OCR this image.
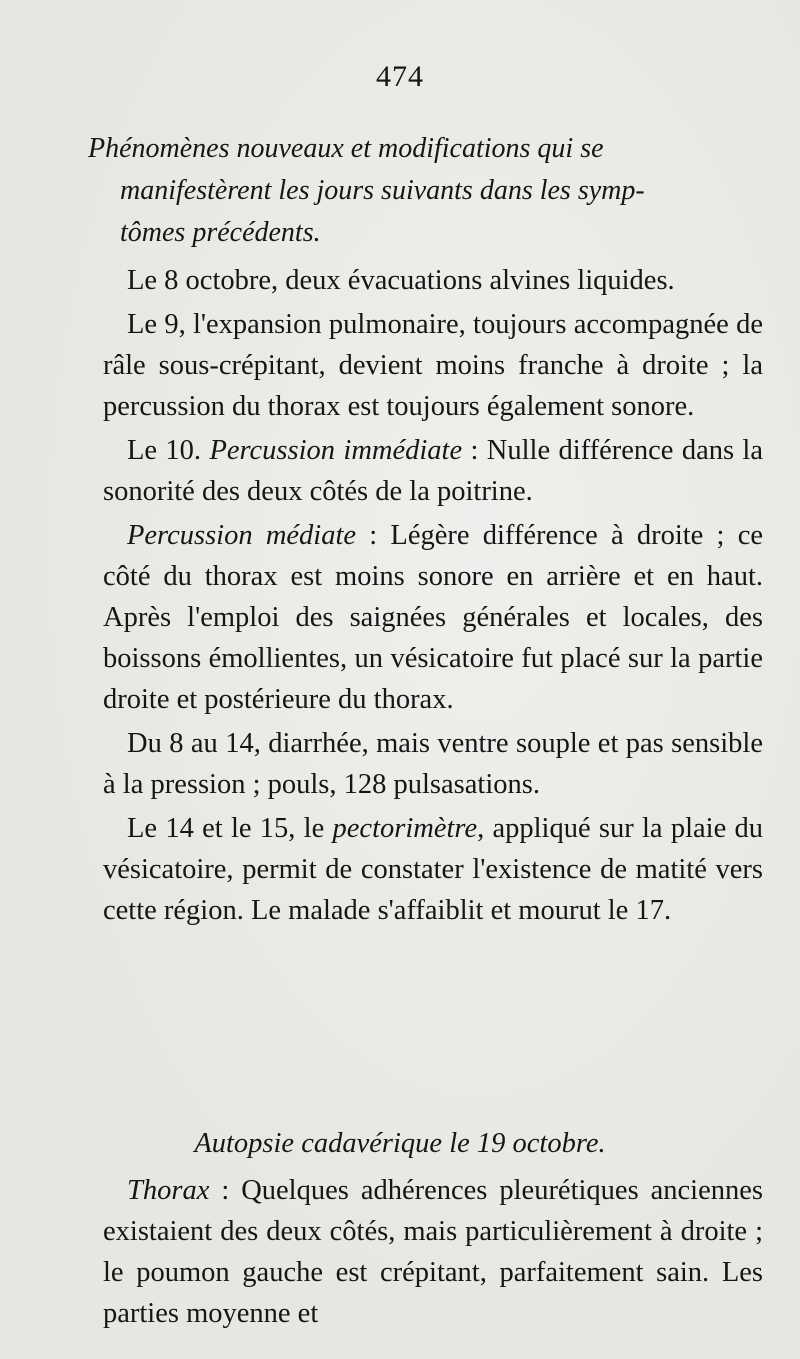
474
Phénomènes nouveaux et modifications qui se
manifestèrent les jours suivants dans les symp-
tômes précédents.

Le 8 octobre, deux évacuations alvines liquides.

Le 9, l'expansion pulmonaire, toujours accompagnée de râle sous-crépitant, devient moins franche à droite ; la percussion du thorax est toujours également sonore.

Le 10. Percussion immédiate : Nulle différence dans la sonorité des deux côtés de la poitrine.

Percussion médiate : Légère différence à droite ; ce côté du thorax est moins sonore en arrière et en haut. Après l'emploi des saignées générales et locales, des boissons émollientes, un vésicatoire fut placé sur la partie droite et postérieure du thorax.

Du 8 au 14, diarrhée, mais ventre souple et pas sensible à la pression ; pouls, 128 pulsasations.

Le 14 et le 15, le pectorimètre, appliqué sur la plaie du vésicatoire, permit de constater l'existence de matité vers cette région. Le malade s'affaiblit et mourut le 17.

Autopsie cadavérique le 19 octobre.

Thorax : Quelques adhérences pleurétiques anciennes existaient des deux côtés, mais particulièrement à droite ; le poumon gauche est crépitant, parfaitement sain. Les parties moyenne et
